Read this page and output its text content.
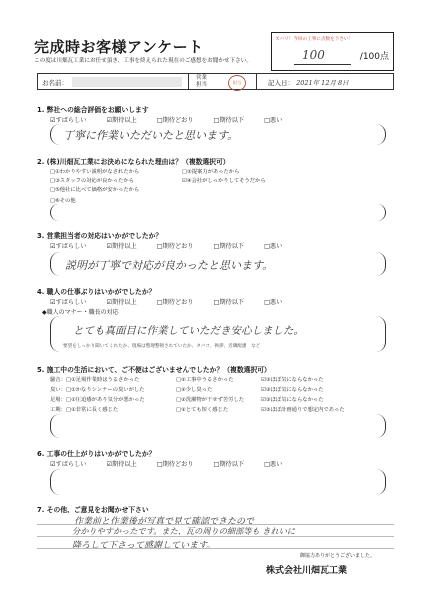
完成時お客様アンケート
この度は川畑瓦工業にお任せ頂き、工事を終えられた現在のご感想をお聞かせ下さい。
ズバリ！今回の工事に点数を下さい！
100	/100点
お名前：
営業
担当	担当	記入日： 2021年 12月 8日
1. 弊社への総合評価をお願いします
☑すばらしい	☑期待以上	□期待どおり	□期待以下	□悪い
丁寧に作業いただいたと思います。
2. (株)川畑瓦工業にお決めになられた理由は？（複数選択可）
□①わかりやすい説明がなされたから	□②提案力があったから
□③スタッフの対応が良かったから	☑④会社がしっかりしてそうだから
□⑤他社に比べて価格が安かったから
□⑥その他
3. 営業担当者の対応はいかがでしたか？
☑すばらしい	☑期待以上	□期待どおり	□期待以下	□悪い
説明が丁寧で対応が良かったと思います。
4. 職人の仕事ぶりはいかがでしたか？
☑すばらしい	☑期待以上	□期待どおり	□期待以下	□悪い
◆職人のマナー・職長の対応
とても真面目に作業していただき安心しました。
要望をしっかり聞いてくれたか、現場は整理整頓されていたか、タバコ、挨拶、近隣配慮　など
5. 施工中の生活において、ご不便はございませんでしたか？（複数選択可）
騒音： □①足場作業時はうるさかった	□②工事中うるさかった	☑③ほぼ気にならなかった
臭い： □①かなりシンナーの臭いがした	□②少し臭った	☑③ほぼ気にならなかった
足場： □①圧迫感があり気分が悪かった	□②洗濯物が干せず苦労した	☑③ほぼ気にならなかった
工期： □①非常に長く感じた	□②とても短く感じた	☑③ほぼ計画通りで想定内であった
6. 工事の仕上がりはいかがでしたか？
☑すばらしい	☑期待以上	□期待どおり	□期待以下	□悪い
7. その他、ご意見をお聞かせ下さい
作業前と作業後が写真で見て確認できたので
分かりやすかったです。また、瓦の周りの細部等も きれいに
降ろして下さって感謝しています。
御協力ありがとうございました。
株式会社川畑瓦工業
